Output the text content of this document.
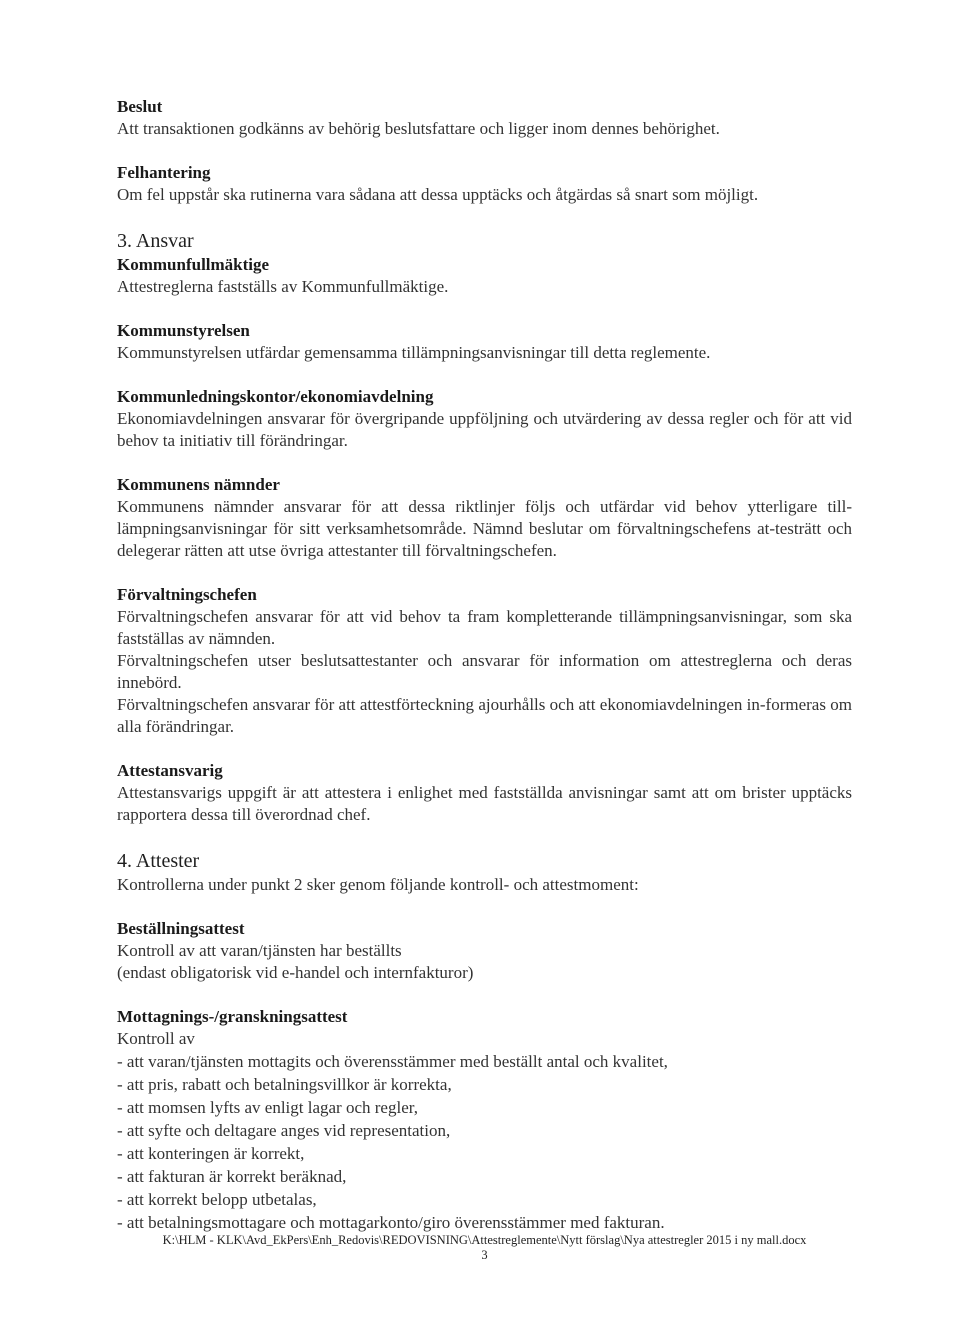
Beslut

Att transaktionen godkänns av behörig beslutsfattare och ligger inom dennes behörighet.

Felhantering

Om fel uppstår ska rutinerna vara sådana att dessa upptäcks och åtgärdas så snart som möjligt.

3. Ansvar

Kommunfullmäktige

Attestreglerna fastställs av Kommunfullmäktige.

Kommunstyrelsen

Kommunstyrelsen utfärdar gemensamma tillämpningsanvisningar till detta reglemente.

Kommunledningskontor/ekonomiavdelning

Ekonomiavdelningen ansvarar för övergripande uppföljning och utvärdering av dessa regler och för att vid behov ta initiativ till förändringar.

Kommunens nämnder

Kommunens nämnder ansvarar för att dessa riktlinjer följs och utfärdar vid behov ytterligare till-lämpningsanvisningar för sitt verksamhetsområde. Nämnd beslutar om förvaltningschefens at-testrätt och delegerar rätten att utse övriga attestanter till förvaltningschefen.

Förvaltningschefen

Förvaltningschefen ansvarar för att vid behov ta fram kompletterande tillämpningsanvisningar, som ska fastställas av nämnden.

Förvaltningschefen utser beslutsattestanter och ansvarar för information om attestreglerna och deras innebörd.

Förvaltningschefen ansvarar för att attestförteckning ajourhålls och att ekonomiavdelningen in-formeras om alla förändringar.

Attestansvarig

Attestansvarigs uppgift är att attestera i enlighet med fastställda anvisningar samt att om brister upptäcks rapportera dessa till överordnad chef.

4. Attester

Kontrollerna under punkt 2 sker genom följande kontroll- och attestmoment:

Beställningsattest

Kontroll av att varan/tjänsten har beställts

(endast obligatorisk vid e-handel och internfakturor)

Mottagnings-/granskningsattest

Kontroll av

- att varan/tjänsten mottagits och överensstämmer med beställt antal och kvalitet,
- att pris, rabatt och betalningsvillkor är korrekta,
- att momsen lyfts av enligt lagar och regler,
- att syfte och deltagare anges vid representation,
- att konteringen är korrekt,
- att fakturan är korrekt beräknad,
- att korrekt belopp utbetalas,
- att betalningsmottagare och mottagarkonto/giro överensstämmer med fakturan.
K:\HLM - KLK\Avd_EkPers\Enh_Redovis\REDOVISNING\Attestreglemente\Nytt förslag\Nya attestregler 2015 i ny mall.docx
3
